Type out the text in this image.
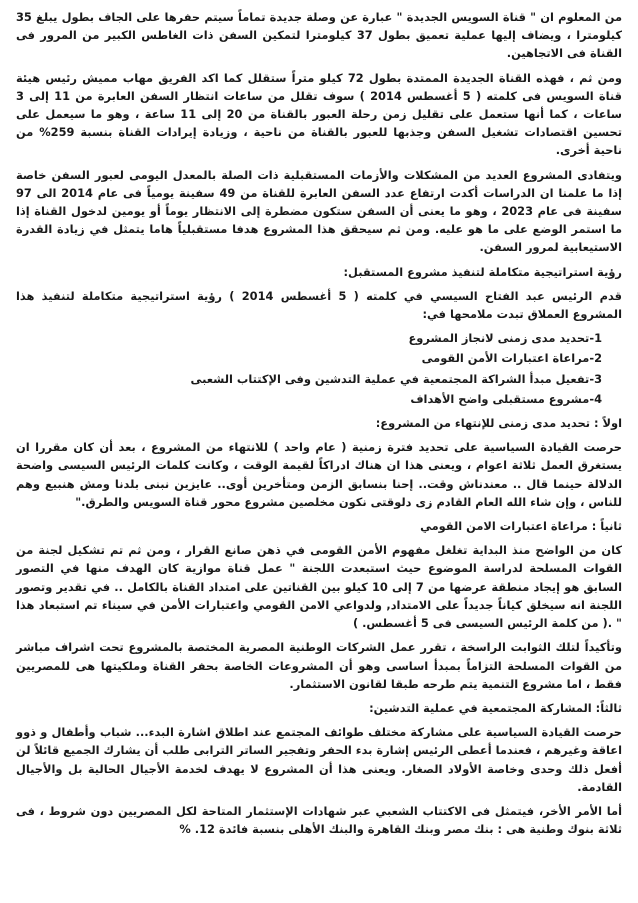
من المعلوم ان " قناة السويس الجديدة " عبارة عن وصلة جديدة تماماً سيتم حفرها على الجاف بطول يبلغ 35 كيلومترا ، ويضاف إليها عملية تعميق بطول 37 كيلومترا لتمكين السفن ذات الغاطس الكبير من المرور فى القناة فى الاتجاهين.

ومن ثم ، فهذه القناة الجديدة الممتدة بطول 72 كيلو متراً ستقلل كما اكد الفريق مهاب مميش رئيس هيئة قناة السويس فى كلمته ( 5 أغسطس 2014 ) سوف تقلل من ساعات انتظار السفن العابرة من 11 إلى 3 ساعات ، كما أنها ستعمل على تقليل زمن رحلة العبور بالقناة من 20 إلى 11 ساعة ، وهو ما سيعمل على تحسين اقتصادات تشغيل السفن وجذبها للعبور بالقناة من ناحية ، وزيادة إيرادات القناة بنسبة 259% من ناحية أخرى.

ويتفادى المشروع العديد من المشكلات والأزمات المستقبلية ذات الصلة بالمعدل اليومى لعبور السفن خاصة إذا ما علمنا ان الدراسات أكدت ارتفاع عدد السفن العابرة للقناة من 49 سفينة يومياً فى عام 2014 الى 97 سفينة فى عام 2023 ، وهو ما يعنى أن السفن ستكون مضطرة إلى الانتظار يوماً أو يومين لدخول القناة إذا ما استمر الوضع على ما هو عليه. ومن ثم سيحقق هذا المشروع هدفا مستقبلياً هاما يتمثل في زيادة القدرة الاستيعابية لمرور السفن.

رؤية استراتيجية متكاملة لتنفيذ مشروع المستقبل:

قدم الرئيس عبد الفتاح السيسي في كلمته ( 5 أغسطس 2014 ) رؤية استراتيجية متكاملة لتنفيذ هذا المشروع العملاق تبدت ملامحها في:

1-تحديد مدى زمنى لانجاز المشروع
2-مراعاة اعتبارات الأمن القومى
3-تفعيل مبدأ الشراكة المجتمعية في عملية التدشين وفى الإكتتاب الشعبى
4-مشروع مستقبلى واضح الأهداف

اولاً : تحديد مدى زمنى للإنتهاء من المشروع:

حرصت القيادة السياسية على تحديد فترة زمنية ( عام واحد ) للانتهاء من المشروع ، بعد أن كان مقررا ان يستغرق العمل ثلاثة اعوام ، ويعنى هذا ان هناك ادراكاً لقيمة الوقت ، وكانت كلمات الرئيس السيسى واضحة الدلالة حينما قال .. معندناش وقت.. إحنا بنسابق الزمن ومتأخرين أوى.. عايزين نبنى بلدنا ومش هنبيع وهم للناس ، وإن شاء الله العام القادم زى دلوقتى نكون مخلصين مشروع محور قناة السويس والطرق."

ثانياً : مراعاة اعتبارات الامن القومي

كان من الواضح منذ البداية تغلغل مفهوم الأمن القومى في ذهن صانع القرار ، ومن ثم تم تشكيل لجنة من القوات المسلحة لدراسة الموضوع حيث استبعدت اللجنة " عمل قناة موازية كان الهدف منها في التصور السابق هو إيجاد منطقة عرضها من 7 إلى 10 كيلو بين القناتين على امتداد القناة بالكامل .. في تقدير وتصور اللجنة انه سيخلق كياناً جديداً على الامتداد, ولدواعي الامن القومي واعتبارات الأمن في سيناء تم استبعاد هذا " .( من كلمة الرئيس السيسى فى 5 أغسطس. )

وتأكيداً لتلك الثوابت الراسخة ، تقرر عمل الشركات الوطنية المصرية المختصة بالمشروع تحت اشراف مباشر من القوات المسلحة التزاماً بمبدأ اساسى وهو أن المشروعات الخاصة بحفر القناة وملكيتها هى للمصريين فقط ، اما مشروع التنمية يتم طرحه طبقا لقانون الاستثمار.

ثالثاً: المشاركة المجتمعية في عملية التدشين:

حرصت القيادة السياسية على مشاركة مختلف طوائف المجتمع عند اطلاق اشارة البدء... شباب وأطفال و ذوو اعاقة وغيرهم ، فعندما أعطى الرئيس إشارة بدء الحفر وتفجير الساتر الترابى طلب أن يشارك الجميع قائلاً لن أفعل ذلك وحدى وخاصة الأولاد الصغار. ويعنى هذا أن المشروع لا يهدف لخدمة الأجيال الحالية بل والأجيال القادمة.

أما الأمر الأخر، فيتمثل فى الاكتتاب الشعبي عبر شهادات الإستثمار المتاحة لكل المصريين دون شروط ، فى ثلاثة بنوك وطنية هى : بنك مصر وبنك القاهرة والبنك الأهلى بنسبة فائدة 12. %
